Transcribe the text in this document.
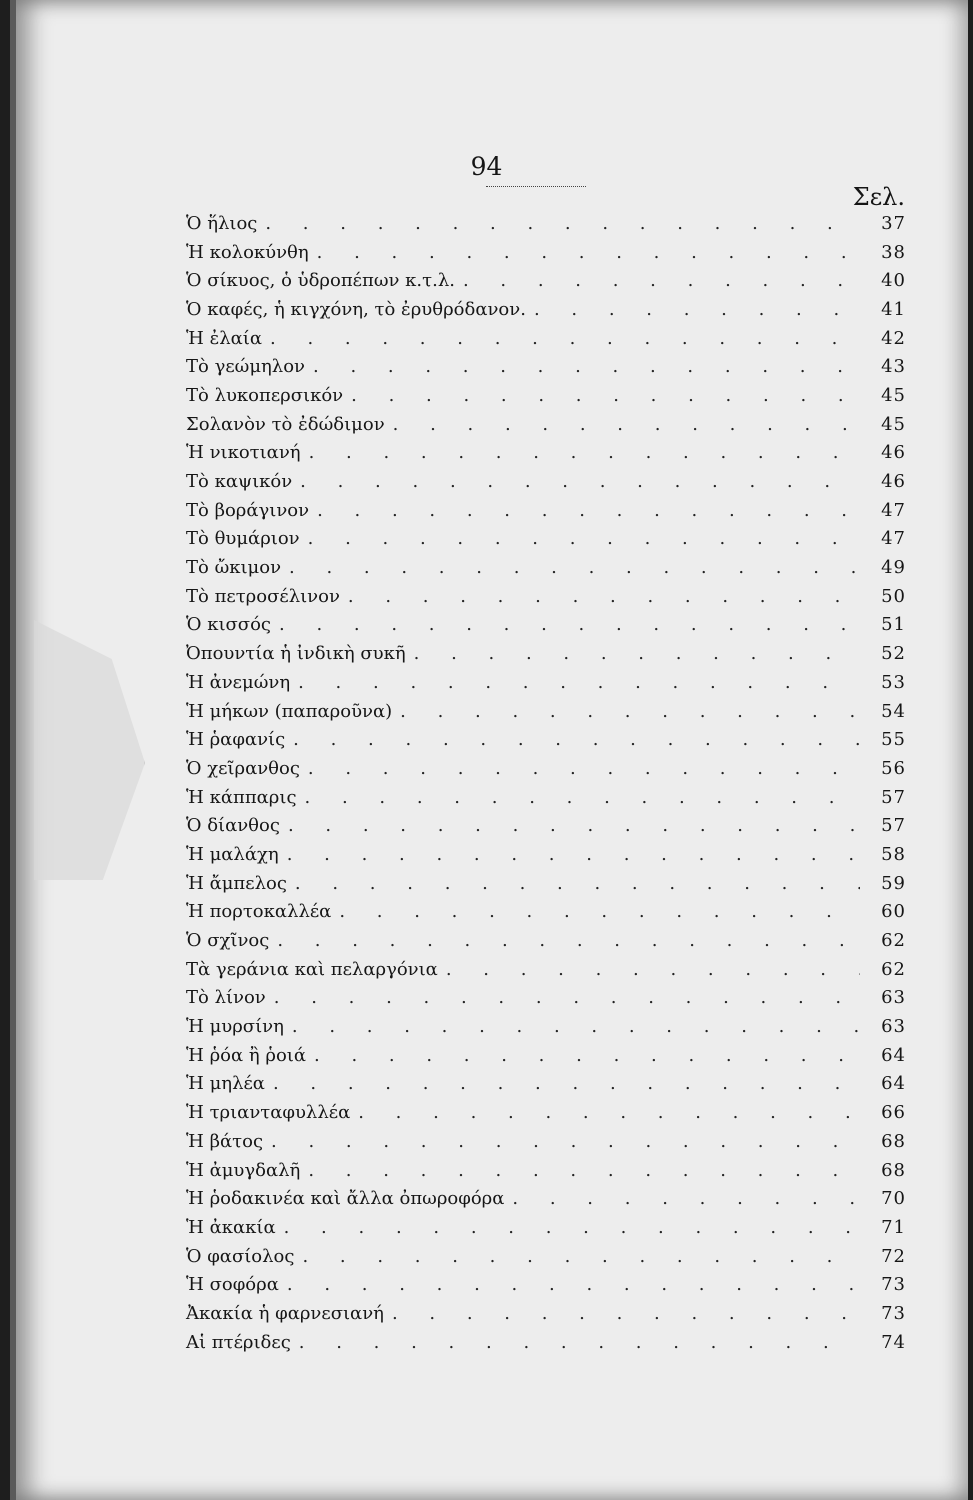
94
Σελ.
Ὁ ἥλιος . . .	37
Ἡ κολοκύνθη . . .	38
Ὁ σίκυος, ὁ ὑδροπέπων κ.τ.λ. . . .	40
Ὁ καφές, ἡ κιγχόνη, τὸ ἐρυθρόδανον. . . .	41
Ἡ ἐλαία . . .	42
Τὸ γεώμηλον . . .	43
Τὸ λυκοπερσικόν . . .	45
Σολανὸν τὸ ἐδώδιμον . . .	45
Ἡ νικοτιανή . . .	46
Τὸ καψικόν . . .	46
Τὸ βοράγινον . . .	47
Τὸ θυμάριον . . .	47
Τὸ ὤκιμον . . .	49
Τὸ πετροσέλινον . . .	50
Ὁ κισσός . . .	51
Ὀπουντία ἡ ἰνδικὴ συκῆ . . .	52
Ἡ ἀνεμώνη . . .	53
Ἡ μήκων (παπαροῦνα) . . .	54
Ἡ ῥαφανίς . . .	55
Ὁ χεῖρανθος . . .	56
Ἡ κάππαρις . . .	57
Ὁ δίανθος . . .	57
Ἡ μαλάχη . . .	58
Ἡ ἄμπελος . . .	59
Ἡ πορτοκαλλέα . . .	60
Ὁ σχῖνος . . .	62
Τὰ γεράνια καὶ πελαργόνια . . .	62
Τὸ λίνον . . .	63
Ἡ μυρσίνη . . .	63
Ἡ ῥόα ἢ ῥοιά . . .	64
Ἡ μηλέα . . .	64
Ἡ τριανταφυλλέα . . .	66
Ἡ βάτος . . .	68
Ἡ ἀμυγδαλῆ . . .	68
Ἡ ῥοδακινέα καὶ ἄλλα ὀπωροφόρα . . .	70
Ἡ ἀκακία . . .	71
Ὁ φασίολος . . .	72
Ἡ σοφόρα . . .	73
Ἀκακία ἡ φαρνεσιανή . . .	73
Αἱ πτέριδες . . .	74
